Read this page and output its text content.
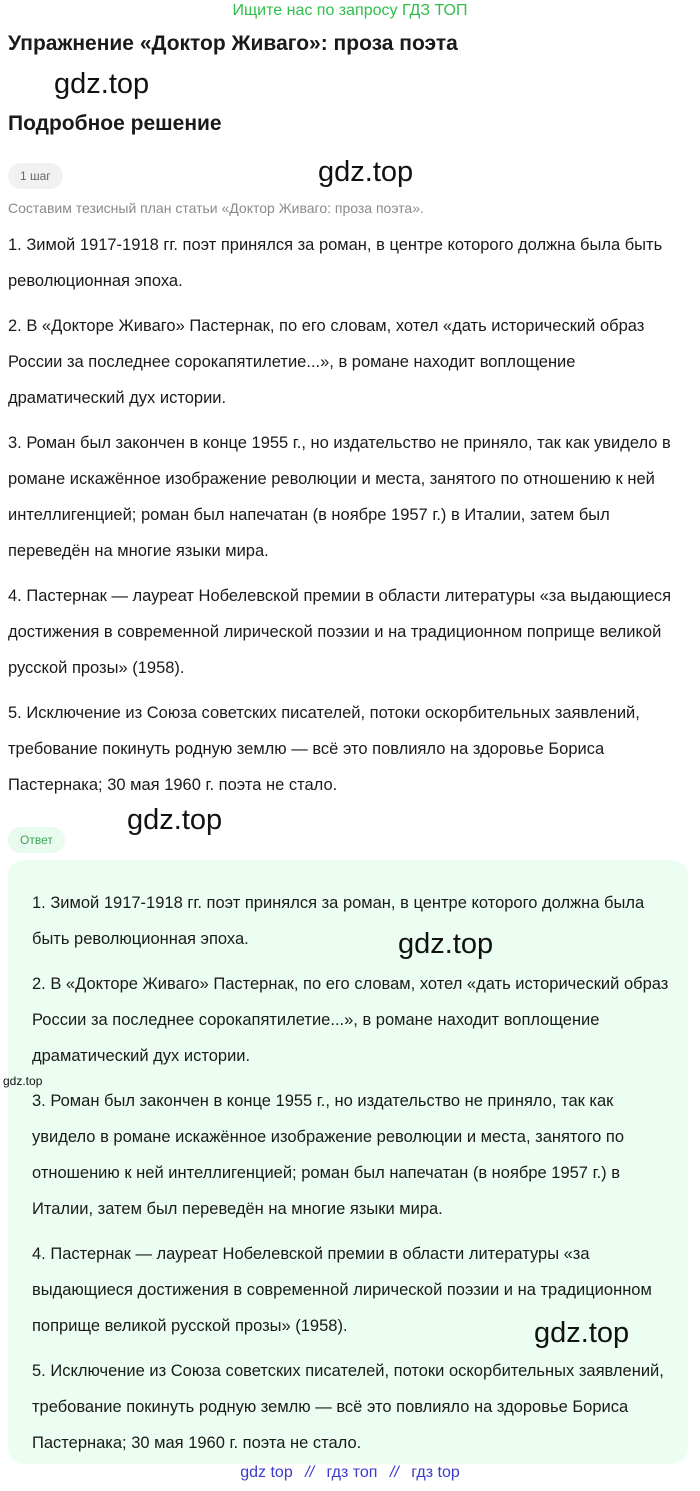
Ищите нас по запросу ГДЗ ТОП
Упражнение «Доктор Живаго»: проза поэта
gdz.top
Подробное решение
1 шаг	gdz.top
Составим тезисный план статьи «Доктор Живаго: проза поэта».

1. Зимой 1917-1918 гг. поэт принялся за роман, в центре которого должна была быть революционная эпоха.

2. В «Докторе Живаго» Пастернак, по его словам, хотел «дать исторический образ России за последнее сорокапятилетие...», в романе находит воплощение драматический дух истории.

3. Роман был закончен в конце 1955 г., но издательство не приняло, так как увидело в романе искажённое изображение революции и места, занятого по отношению к ней интеллигенцией; роман был напечатан (в ноябре 1957 г.) в Италии, затем был переведён на многие языки мира.

4. Пастернак — лауреат Нобелевской премии в области литературы «за выдающиеся достижения в современной лирической поэзии и на традиционном поприще великой русской прозы» (1958).

5. Исключение из Союза советских писателей, потоки оскорбительных заявлений, требование покинуть родную землю — всё это повлияло на здоровье Бориса Пастернака; 30 мая 1960 г. поэта не стало.

gdz.top
Ответ

1. Зимой 1917-1918 гг. поэт принялся за роман, в центре которого должна была быть революционная эпоха.

2. В «Докторе Живаго» Пастернак, по его словам, хотел «дать исторический образ России за последнее сорокапятилетие...», в романе находит воплощение драматический дух истории.

3. Роман был закончен в конце 1955 г., но издательство не приняло, так как увидело в романе искажённое изображение революции и места, занятого по отношению к ней интеллигенцией; роман был напечатан (в ноябре 1957 г.) в Италии, затем был переведён на многие языки мира.

4. Пастернак — лауреат Нобелевской премии в области литературы «за выдающиеся достижения в современной лирической поэзии и на традиционном поприще великой русской прозы» (1958).

5. Исключение из Союза советских писателей, потоки оскорбительных заявлений, требование покинуть родную землю — всё это повлияло на здоровье Бориса Пастернака; 30 мая 1960 г. поэта не стало.

gdz.top
gdz.top
gdz.top
gdz top // гдз топ // гдз top
